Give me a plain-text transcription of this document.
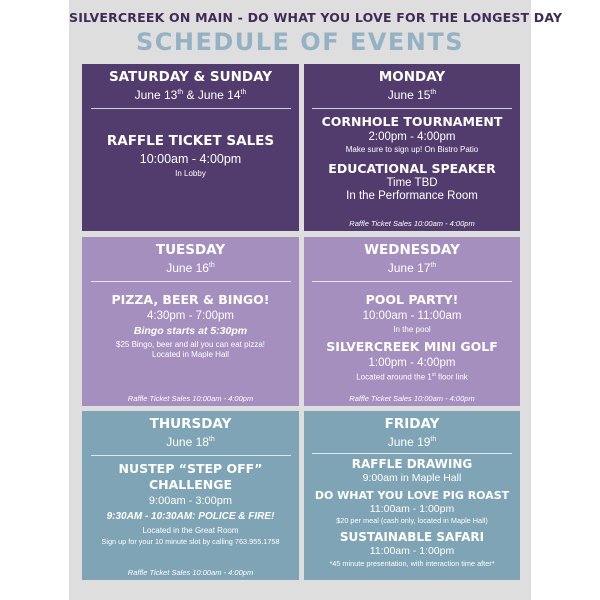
SILVERCREEK ON MAIN - DO WHAT YOU LOVE FOR THE LONGEST DAY
SCHEDULE OF EVENTS
SATURDAY & SUNDAY
June 13th & June 14th
RAFFLE TICKET SALES
10:00am - 4:00pm
In Lobby
MONDAY
June 15th
CORNHOLE TOURNAMENT
2:00pm - 4:00pm
Make sure to sign up! On Bistro Patio
EDUCATIONAL SPEAKER
Time TBD
In the Performance Room
Raffle Ticket Sales 10:00am - 4:00pm
TUESDAY
June 16th
PIZZA, BEER & BINGO!
4:30pm - 7:00pm
Bingo starts at 5:30pm
$25 Bingo, beer and all you can eat pizza!
Located in Maple Hall
Raffle Ticket Sales 10:00am - 4:00pm
WEDNESDAY
June 17th
POOL PARTY!
10:00am - 11:00am
In the pool
SILVERCREEK MINI GOLF
1:00pm - 4:00pm
Located around the 1st floor link
Raffle Ticket Sales 10:00am - 4:00pm
THURSDAY
June 18th
NUSTEP “STEP OFF”
CHALLENGE
9:00am - 3:00pm
9:30AM - 10:30AM: POLICE & FIRE!
Located in the Great Room
Sign up for your 10 minute slot by calling 763.955.1758
Raffle Ticket Sales 10:00am - 4:00pm
FRIDAY
June 19th
RAFFLE DRAWING
9:00am in Maple Hall
DO WHAT YOU LOVE PIG ROAST
11:00am - 1:00pm
$20 per meal (cash only, located in Maple Hall)
SUSTAINABLE SAFARI
11:00am - 1:00pm
*45 minute presentation, with interaction time after*
